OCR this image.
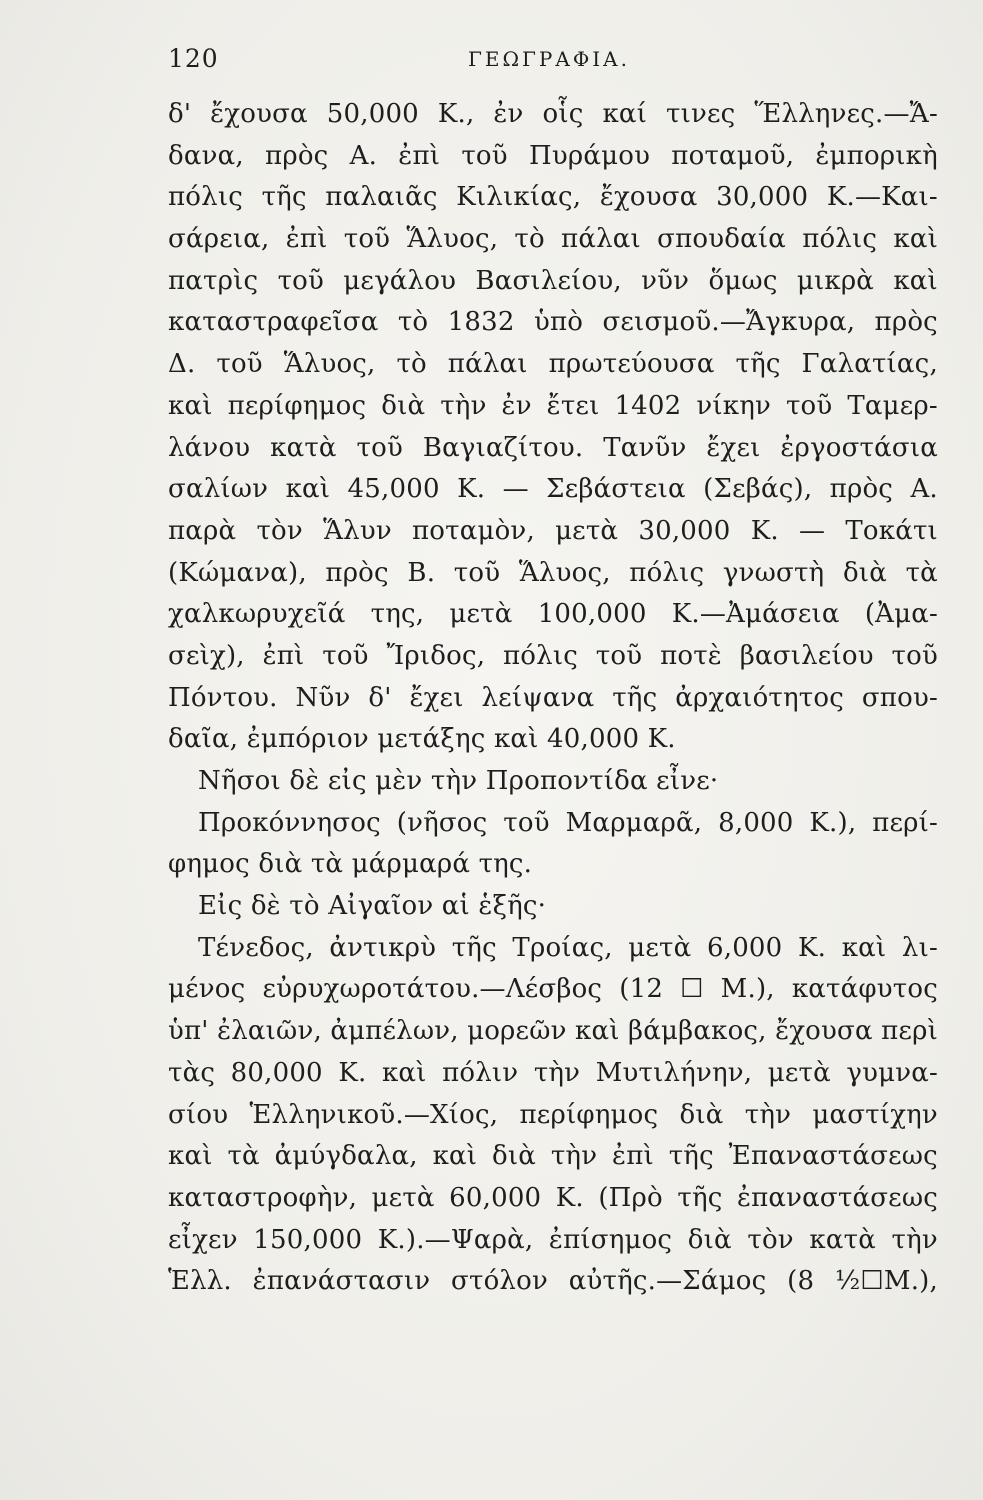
120	ΓΕΩΓΡΑΦΙΑ.
δ' ἔχουσα 50,000 Κ., ἐν οἷς καί τινες Ἕλληνες.—Ἄ-
δανα, πρὸς Α. ἐπὶ τοῦ Πυράμου ποταμοῦ, ἐμπορικὴ
πόλις τῆς παλαιᾶς Κιλικίας, ἔχουσα 30,000 Κ.—Και-
σάρεια, ἐπὶ τοῦ Ἅλυος, τὸ πάλαι σπουδαία πόλις καὶ
πατρὶς τοῦ μεγάλου Βασιλείου, νῦν ὅμως μικρὰ καὶ
καταστραφεῖσα τὸ 1832 ὑπὸ σεισμοῦ.—Ἄγκυρα, πρὸς
Δ. τοῦ Ἅλυος, τὸ πάλαι πρωτεύουσα τῆς Γαλατίας,
καὶ περίφημος διὰ τὴν ἐν ἔτει 1402 νίκην τοῦ Ταμερ-
λάνου κατὰ τοῦ Βαγιαζίτου. Τανῦν ἔχει ἐργοστάσια
σαλίων καὶ 45,000 Κ. — Σεβάστεια (Σεβάς), πρὸς Α.
παρὰ τὸν Ἅλυν ποταμὸν, μετὰ 30,000 Κ. — Τοκάτι
(Κώμανα), πρὸς Β. τοῦ Ἅλυος, πόλις γνωστὴ διὰ τὰ
χαλκωρυχεῖά της, μετὰ 100,000 Κ.—Ἀμάσεια (Ἀμα-
σεὶχ), ἐπὶ τοῦ Ἴριδος, πόλις τοῦ ποτὲ βασιλείου τοῦ
Πόντου. Νῦν δ' ἔχει λείψανα τῆς ἀρχαιότητος σπου-
δαῖα, ἐμπόριον μετάξης καὶ 40,000 Κ.
Νῆσοι δὲ εἰς μὲν τὴν Προποντίδα εἶνε·
Προκόννησος (νῆσος τοῦ Μαρμαρᾶ, 8,000 Κ.), περί-
φημος διὰ τὰ μάρμαρά της.
Εἰς δὲ τὸ Αἰγαῖον αἱ ἑξῆς·
Τένεδος, ἀντικρὺ τῆς Τροίας, μετὰ 6,000 Κ. καὶ λι-
μένος εὐρυχωροτάτου.—Λέσβος (12 ☐ Μ.), κατάφυτος
ὑπ' ἐλαιῶν, ἀμπέλων, μορεῶν καὶ βάμβακος, ἔχουσα περὶ
τὰς 80,000 Κ. καὶ πόλιν τὴν Μυτιλήνην, μετὰ γυμνα-
σίου Ἑλληνικοῦ.—Χίος, περίφημος διὰ τὴν μαστίχην
καὶ τὰ ἀμύγδαλα, καὶ διὰ τὴν ἐπὶ τῆς Ἐπαναστάσεως
καταστροφὴν, μετὰ 60,000 Κ. (Πρὸ τῆς ἐπαναστάσεως
εἶχεν 150,000 Κ.).—Ψαρὰ, ἐπίσημος διὰ τὸν κατὰ τὴν
Ἑλλ. ἐπανάστασιν στόλον αὐτῆς.—Σάμος (8 ½☐Μ.),
